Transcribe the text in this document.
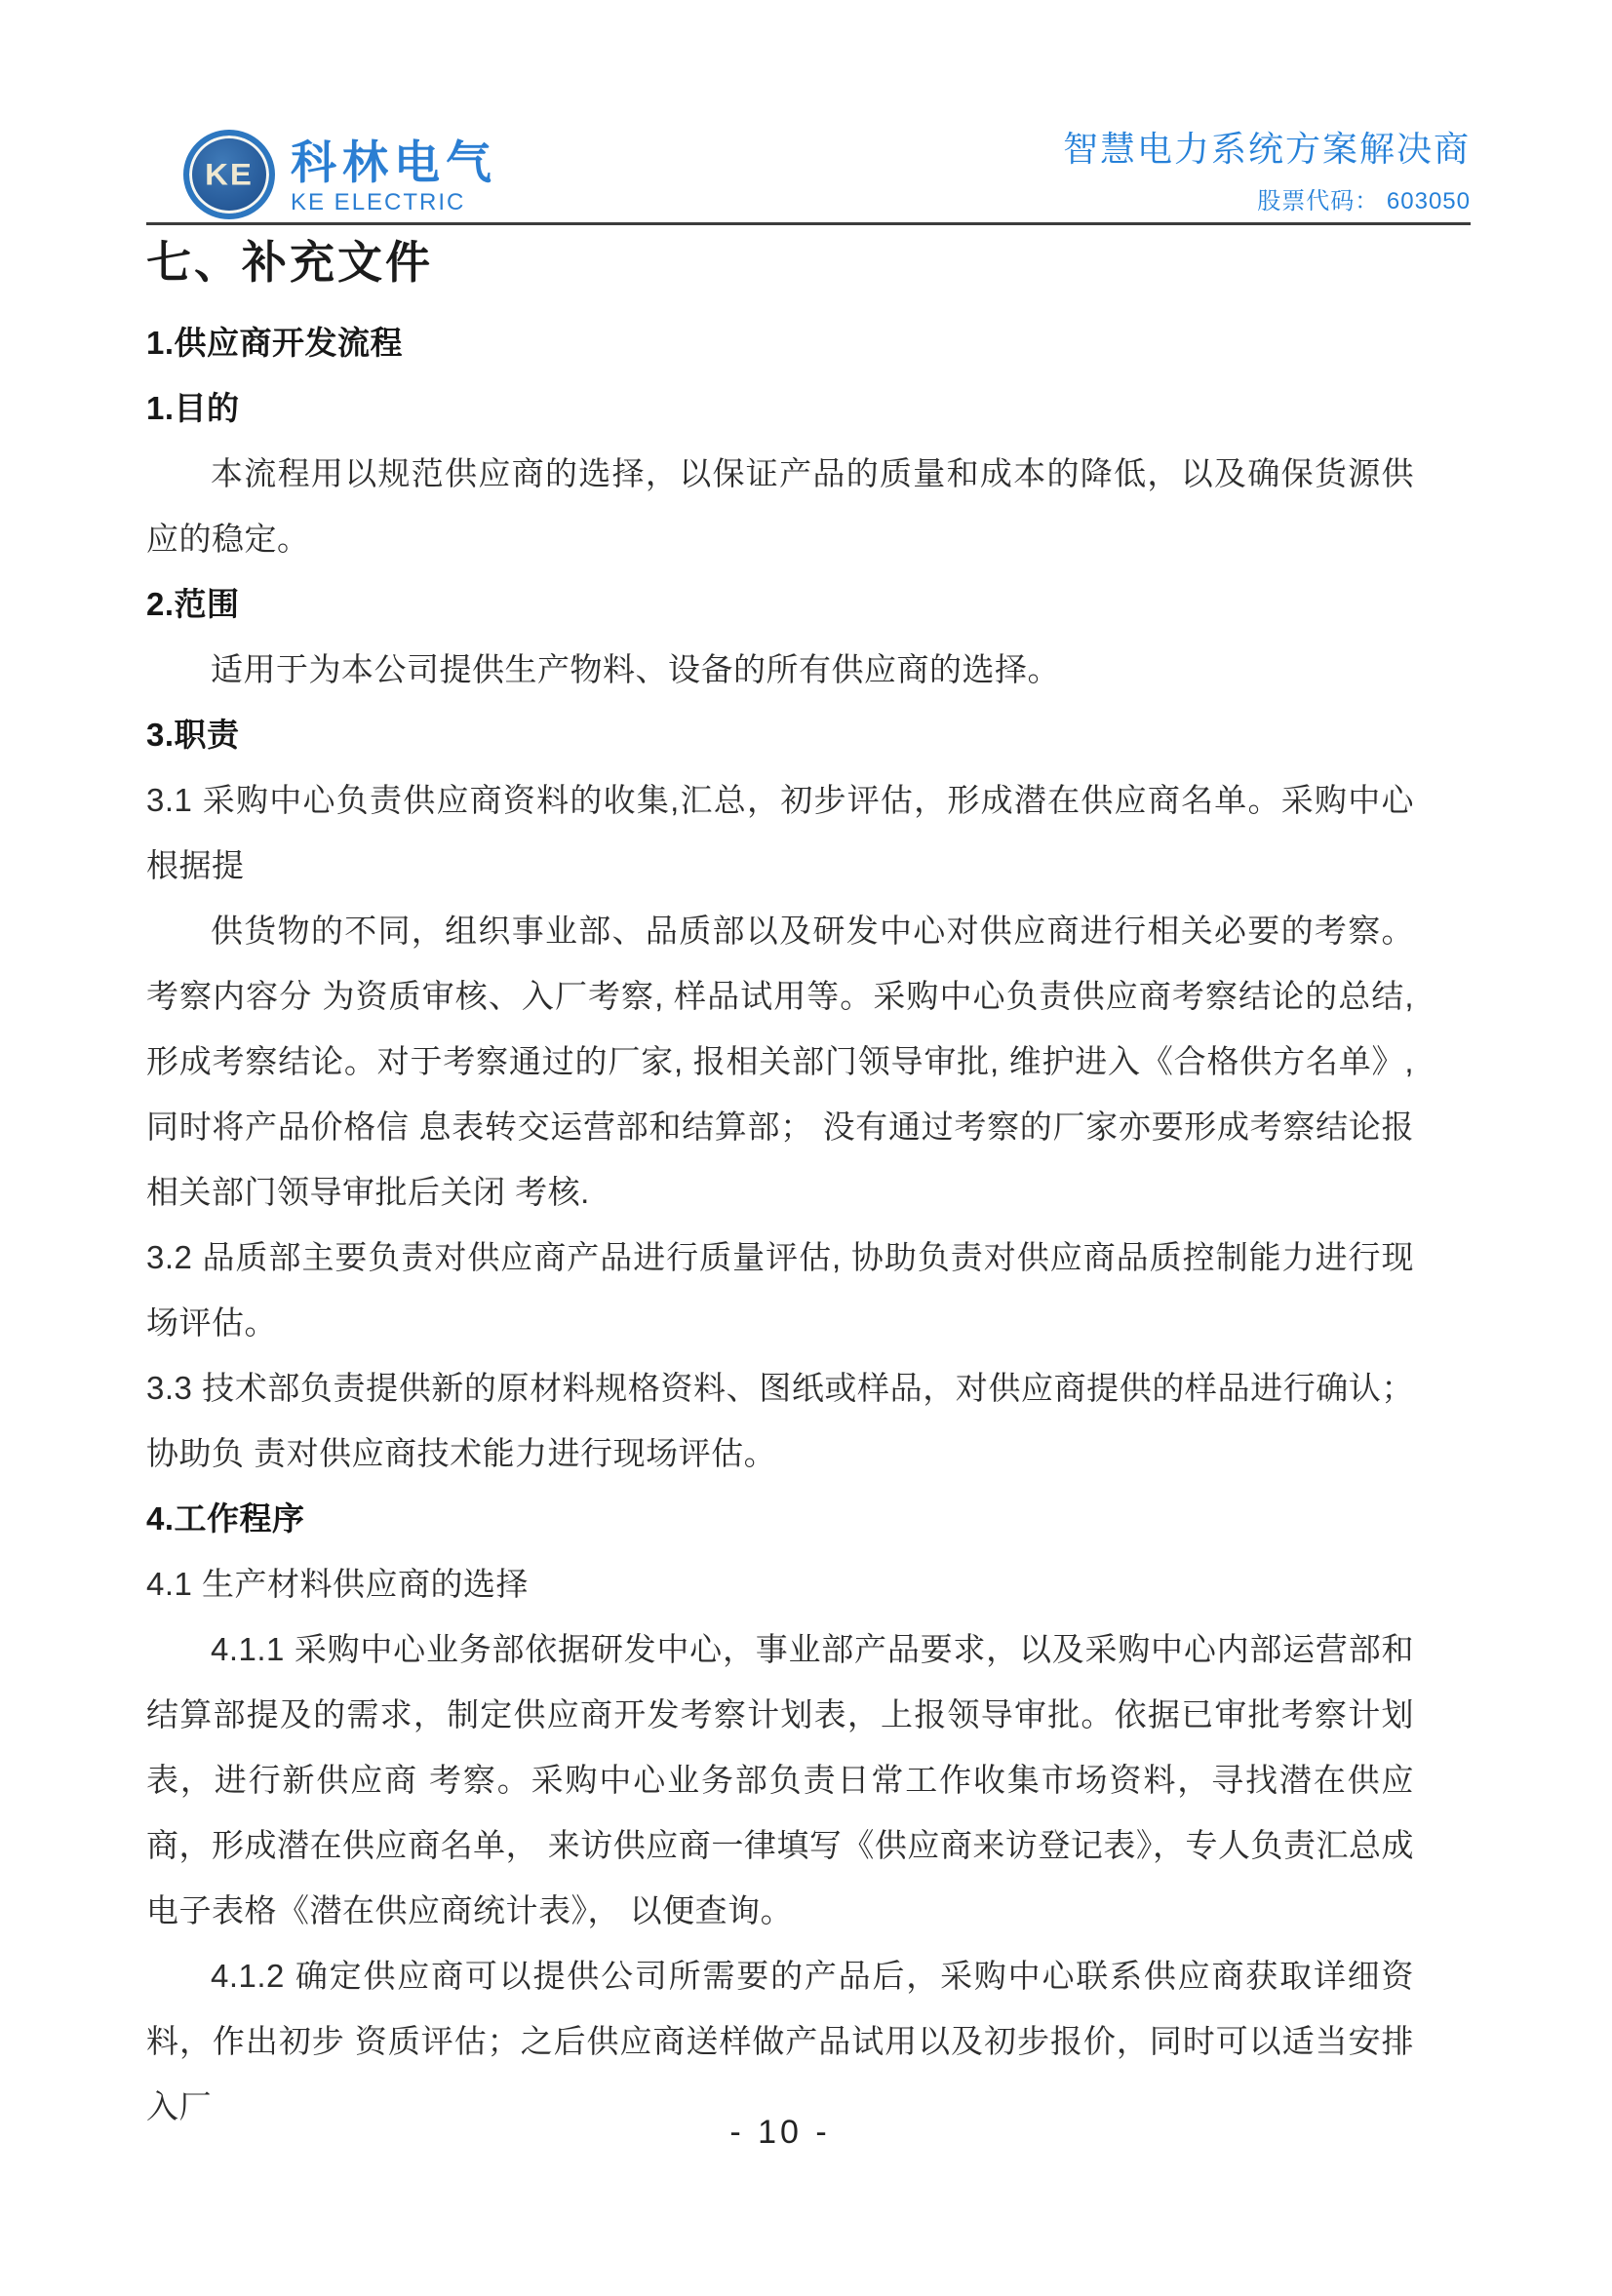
KE 科林电气
KE ELECTRIC
智慧电力系统方案解决商
股票代码： 603050
七、补充文件
1.供应商开发流程
1.目的
本流程用以规范供应商的选择，以保证产品的质量和成本的降低，以及确保货源供应的稳定。
2.范围
适用于为本公司提供生产物料、设备的所有供应商的选择。
3.职责
3.1 采购中心负责供应商资料的收集,汇总，初步评估，形成潜在供应商名单。采购中心根据提
供货物的不同，组织事业部、品质部以及研发中心对供应商进行相关必要的考察。考察内容分 为资质审核、入厂考察, 样品试用等。采购中心负责供应商考察结论的总结, 形成考察结论。对于考察通过的厂家, 报相关部门领导审批, 维护进入《合格供方名单》, 同时将产品价格信 息表转交运营部和结算部； 没有通过考察的厂家亦要形成考察结论报相关部门领导审批后关闭 考核.
3.2 品质部主要负责对供应商产品进行质量评估, 协助负责对供应商品质控制能力进行现场评估。
3.3 技术部负责提供新的原材料规格资料、图纸或样品，对供应商提供的样品进行确认；协助负 责对供应商技术能力进行现场评估。
4.工作程序
4.1 生产材料供应商的选择
4.1.1 采购中心业务部依据研发中心，事业部产品要求，以及采购中心内部运营部和结算部提及的需求，制定供应商开发考察计划表，上报领导审批。依据已审批考察计划表，进行新供应商 考察。采购中心业务部负责日常工作收集市场资料，寻找潜在供应商，形成潜在供应商名单， 来访供应商一律填写《供应商来访登记表》，专人负责汇总成电子表格《潜在供应商统计表》， 以便查询。
4.1.2 确定供应商可以提供公司所需要的产品后，采购中心联系供应商获取详细资料，作出初步 资质评估；之后供应商送样做产品试用以及初步报价，同时可以适当安排入厂
- 10 -
